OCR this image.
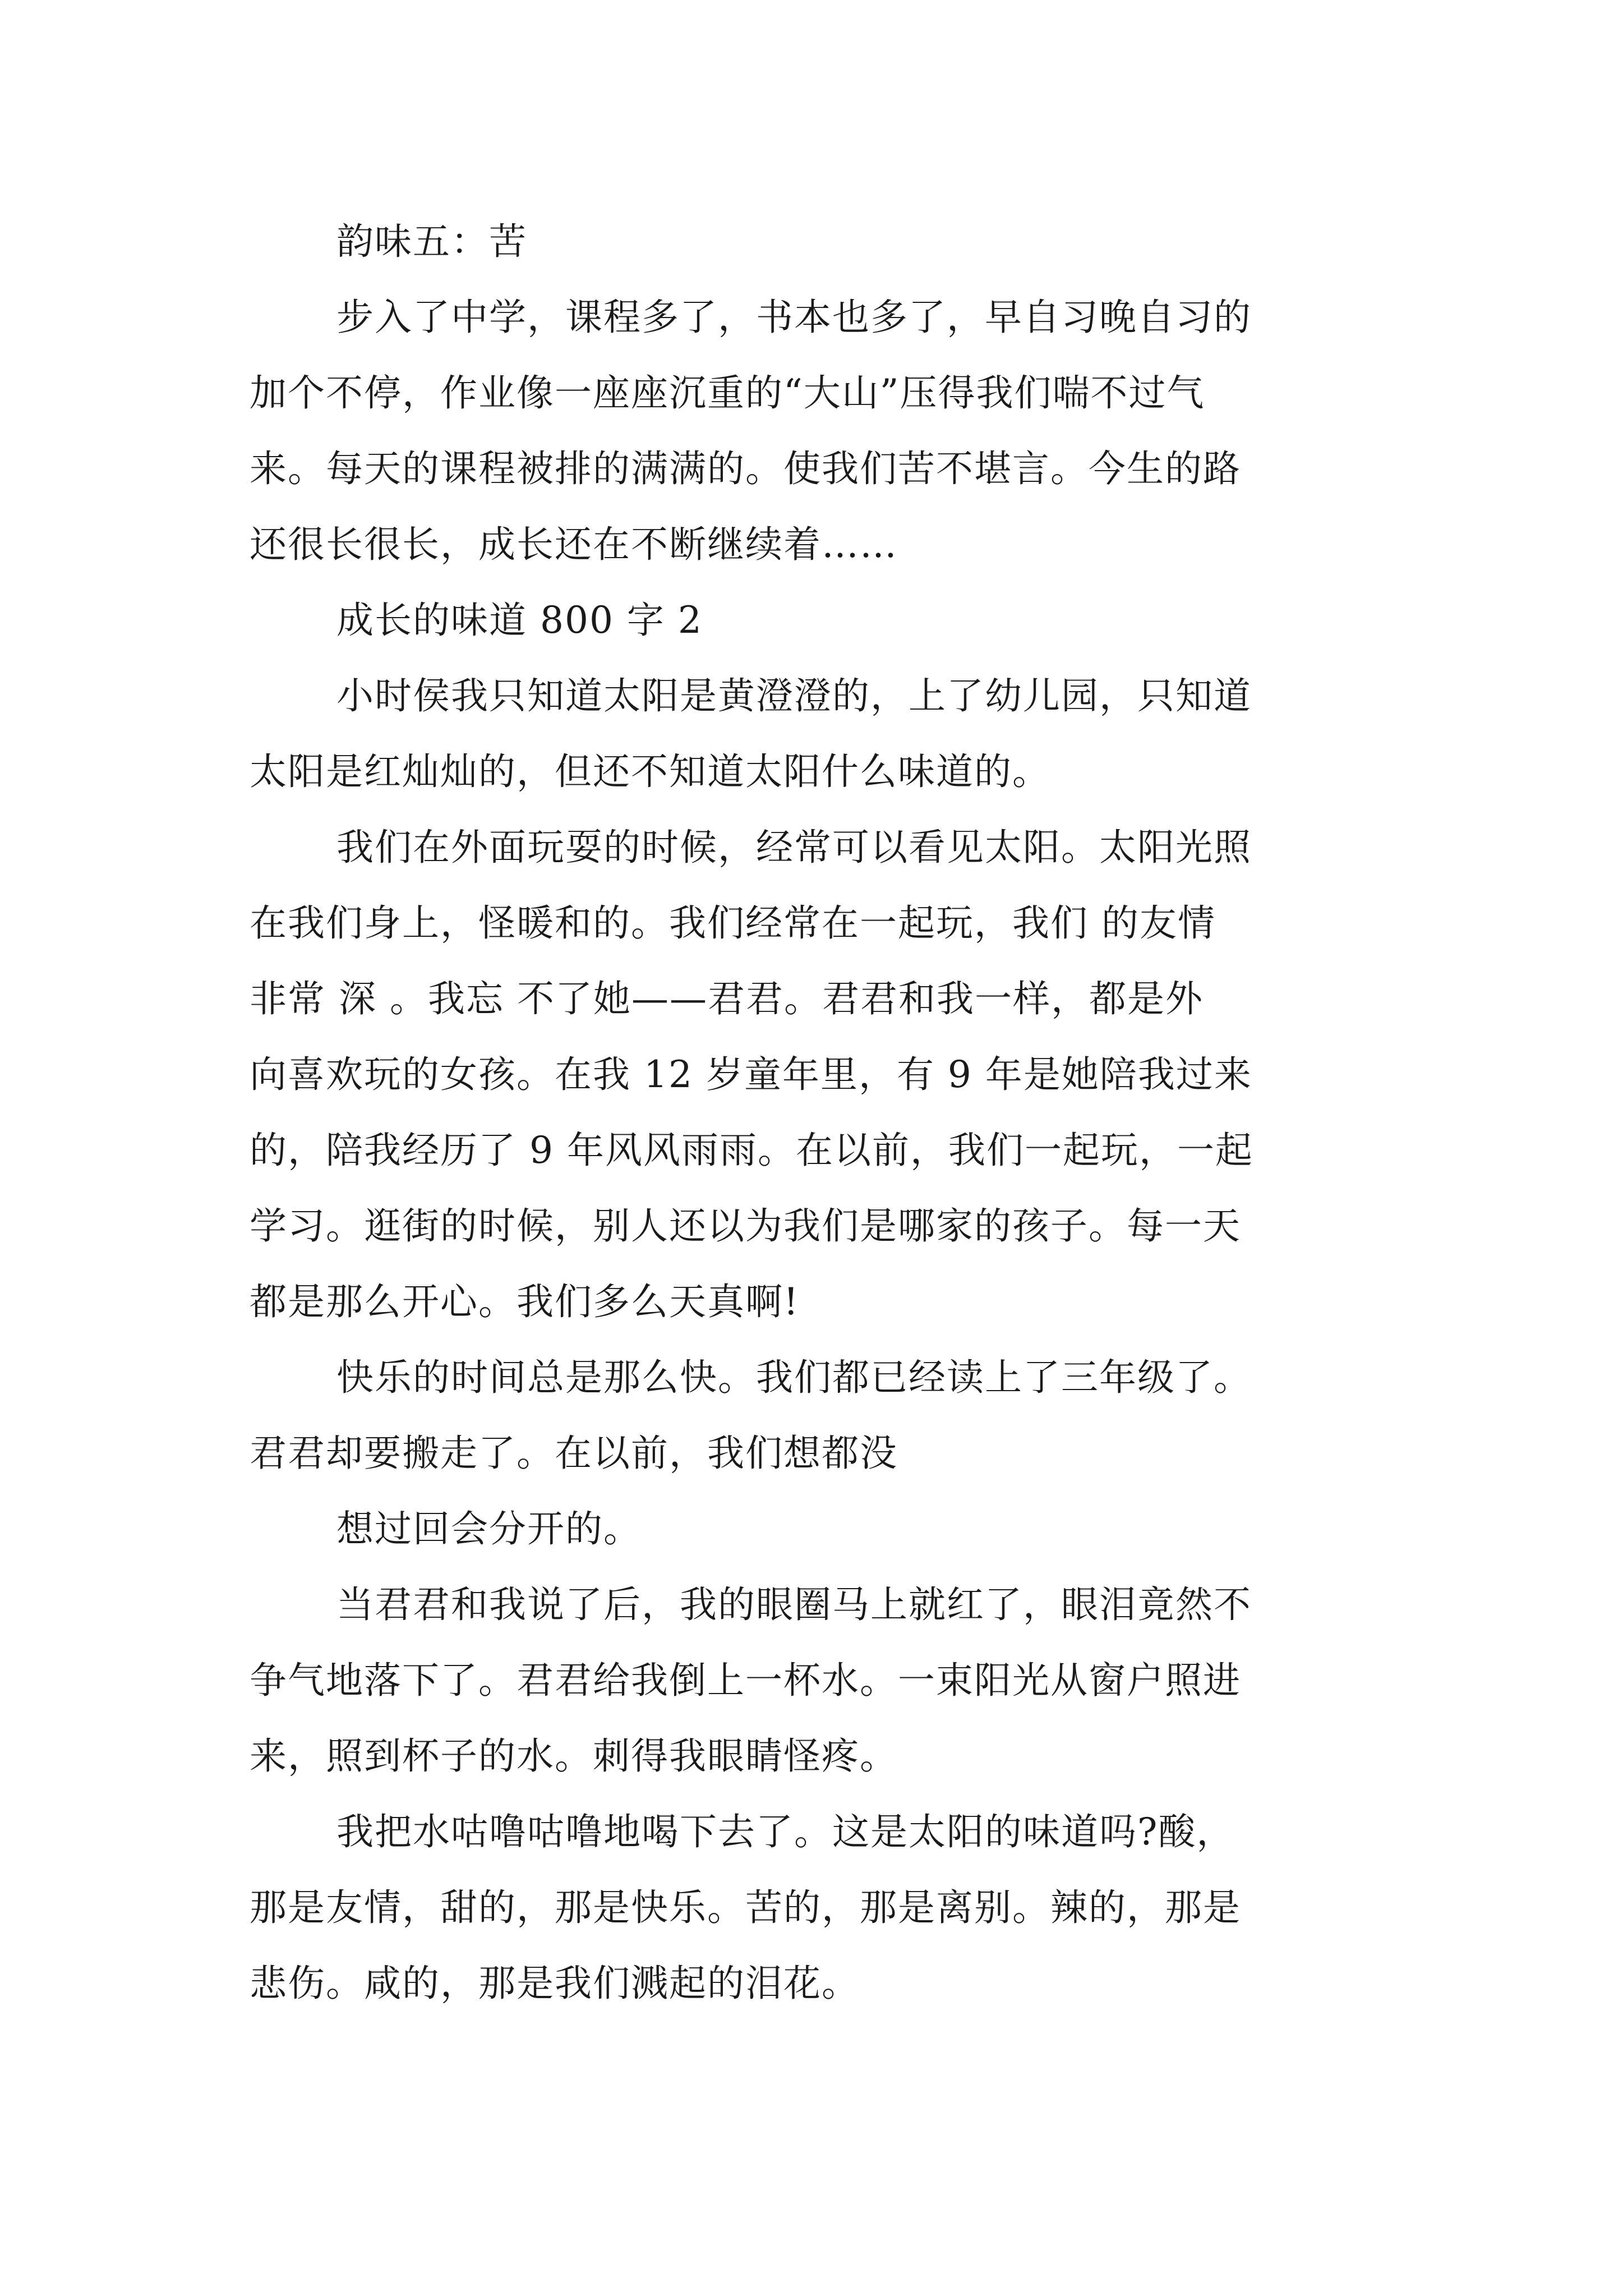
韵味五：苦
步入了中学，课程多了，书本也多了，早自习晚自习的
加个不停，作业像一座座沉重的“大山”压得我们喘不过气
来。每天的课程被排的满满的。使我们苦不堪言。今生的路
还很长很长，成长还在不断继续着……
成长的味道 800 字 2
小时侯我只知道太阳是黄澄澄的，上了幼儿园，只知道
太阳是红灿灿的，但还不知道太阳什么味道的。
我们在外面玩耍的时候，经常可以看见太阳。太阳光照
在我们身上，怪暖和的。我们经常在一起玩，我们 的友情
非常 深 。我忘 不了她——君君。君君和我一样，都是外
向喜欢玩的女孩。在我 12 岁童年里，有 9 年是她陪我过来
的，陪我经历了 9 年风风雨雨。在以前，我们一起玩，一起
学习。逛街的时候，别人还以为我们是哪家的孩子。每一天
都是那么开心。我们多么天真啊!
快乐的时间总是那么快。我们都已经读上了三年级了。
君君却要搬走了。在以前，我们想都没
想过回会分开的。
当君君和我说了后，我的眼圈马上就红了，眼泪竟然不
争气地落下了。君君给我倒上一杯水。一束阳光从窗户照进
来，照到杯子的水。刺得我眼睛怪疼。
我把水咕噜咕噜地喝下去了。这是太阳的味道吗?酸，
那是友情，甜的，那是快乐。苦的，那是离别。辣的，那是
悲伤。咸的，那是我们溅起的泪花。
